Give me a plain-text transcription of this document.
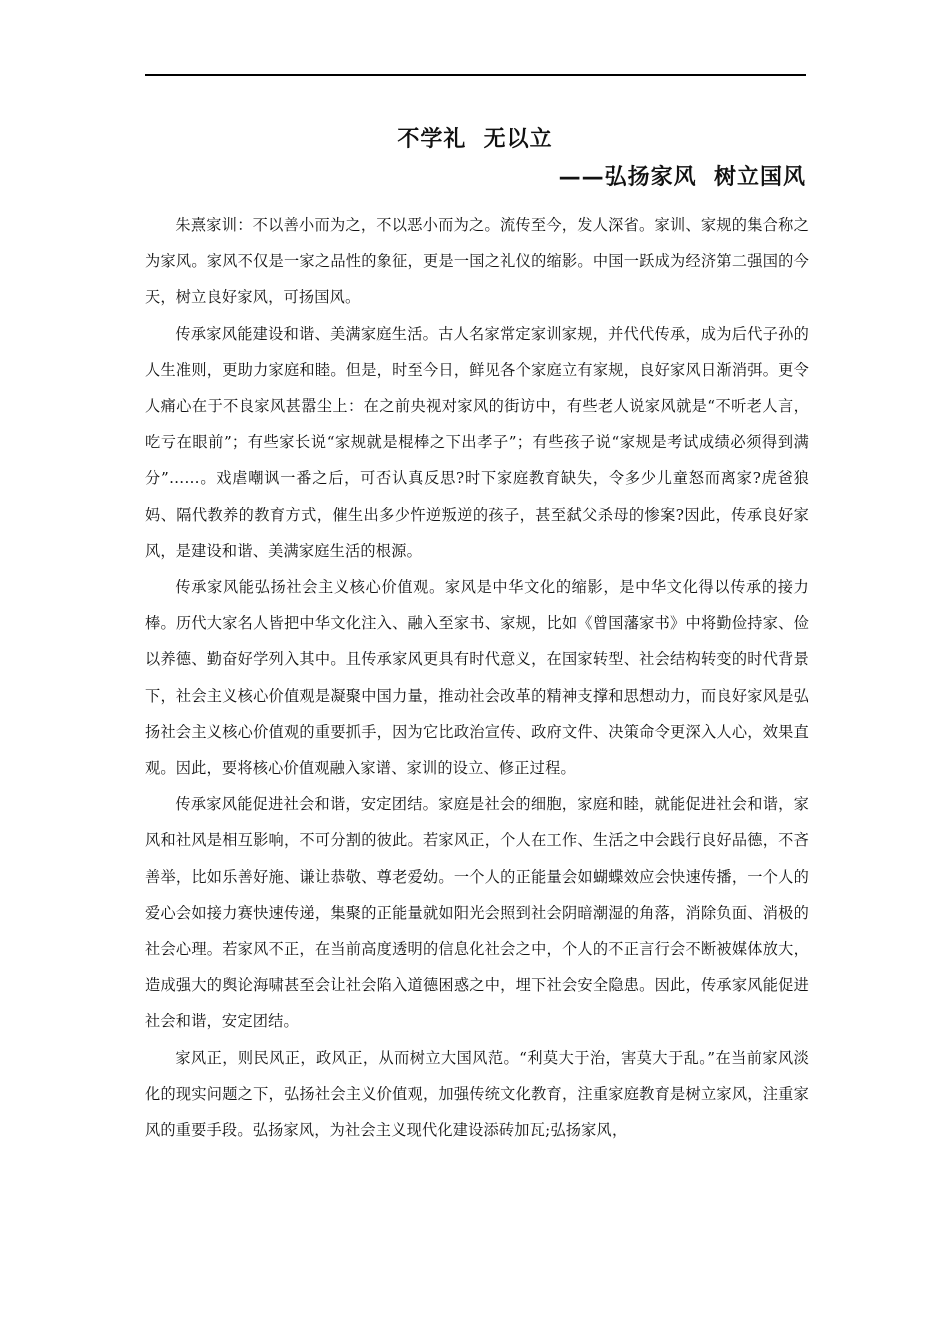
不学礼  无以立
——弘扬家风  树立国风

朱熹家训：不以善小而为之，不以恶小而为之。流传至今，发人深省。家训、家规的集合称之为家风。家风不仅是一家之品性的象征，更是一国之礼仪的缩影。中国一跃成为经济第二强国的今天，树立良好家风，可扬国风。

传承家风能建设和谐、美满家庭生活。古人名家常定家训家规，并代代传承，成为后代子孙的人生准则，更助力家庭和睦。但是，时至今日，鲜见各个家庭立有家规，良好家风日渐消弭。更令人痛心在于不良家风甚嚣尘上：在之前央视对家风的街访中，有些老人说家风就是“不听老人言，吃亏在眼前”；有些家长说“家规就是棍棒之下出孝子”；有些孩子说“家规是考试成绩必须得到满分”……。戏虐嘲讽一番之后，可否认真反思?时下家庭教育缺失，令多少儿童怒而离家?虎爸狼妈、隔代教养的教育方式，催生出多少忤逆叛逆的孩子，甚至弑父杀母的惨案?因此，传承良好家风，是建设和谐、美满家庭生活的根源。

传承家风能弘扬社会主义核心价值观。家风是中华文化的缩影，是中华文化得以传承的接力棒。历代大家名人皆把中华文化注入、融入至家书、家规，比如《曾国藩家书》中将勤俭持家、俭以养德、勤奋好学列入其中。且传承家风更具有时代意义，在国家转型、社会结构转变的时代背景下，社会主义核心价值观是凝聚中国力量，推动社会改革的精神支撑和思想动力，而良好家风是弘扬社会主义核心价值观的重要抓手，因为它比政治宣传、政府文件、决策命令更深入人心，效果直观。因此，要将核心价值观融入家谱、家训的设立、修正过程。

传承家风能促进社会和谐，安定团结。家庭是社会的细胞，家庭和睦，就能促进社会和谐，家风和社风是相互影响，不可分割的彼此。若家风正，个人在工作、生活之中会践行良好品德，不吝善举，比如乐善好施、谦让恭敬、尊老爱幼。一个人的正能量会如蝴蝶效应会快速传播，一个人的爱心会如接力赛快速传递，集聚的正能量就如阳光会照到社会阴暗潮湿的角落，消除负面、消极的社会心理。若家风不正，在当前高度透明的信息化社会之中，个人的不正言行会不断被媒体放大，造成强大的舆论海啸甚至会让社会陷入道德困惑之中，埋下社会安全隐患。因此，传承家风能促进社会和谐，安定团结。

家风正，则民风正，政风正，从而树立大国风范。“利莫大于治，害莫大于乱。”在当前家风淡化的现实问题之下，弘扬社会主义价值观，加强传统文化教育，注重家庭教育是树立家风，注重家风的重要手段。弘扬家风，为社会主义现代化建设添砖加瓦;弘扬家风，
